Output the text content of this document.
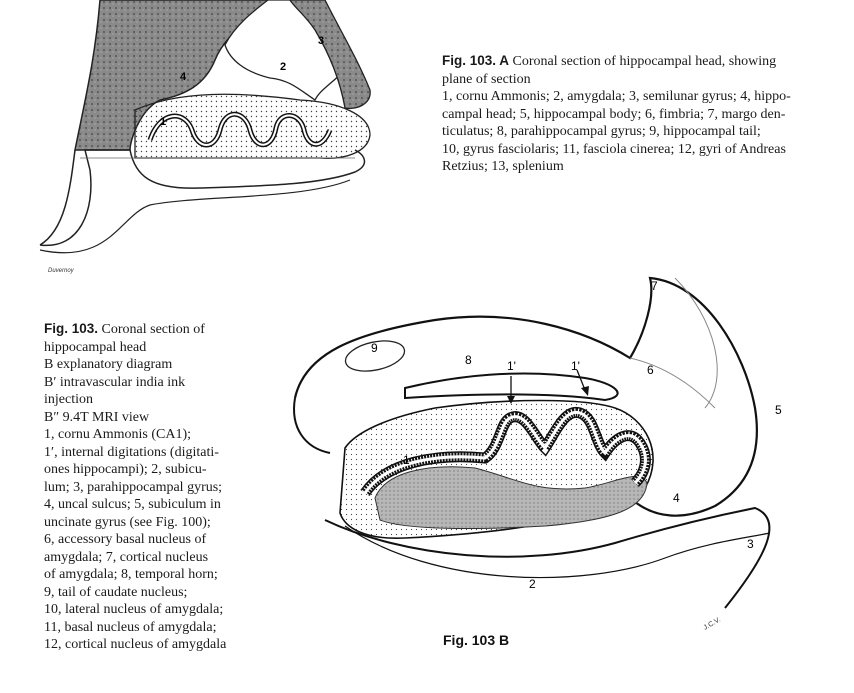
1
2
3
4
Duvernoy
Fig. 103. A Coronal section of hippocampal head, showing
plane of section
1, cornu Ammonis; 2, amygdala; 3, semilunar gyrus; 4, hippo-
campal head; 5, hippocampal body; 6, fimbria; 7, margo den-
ticulatus; 8, parahippocampal gyrus; 9, hippocampal tail;
10, gyrus fasciolaris; 11, fasciola cinerea; 12, gyri of Andreas
Retzius; 13, splenium
Fig. 103. Coronal section of
hippocampal head
B explanatory diagram
B′ intravascular india ink
injection
B″ 9.4T MRI view
1, cornu Ammonis (CA1);
1′, internal digitations (digitati-
ones hippocampi); 2, subicu-
lum; 3, parahippocampal gyrus;
4, uncal sulcus; 5, subiculum in
uncinate gyrus (see Fig. 100);
6, accessory basal nucleus of
amygdala; 7, cortical nucleus
of amygdala; 8, temporal horn;
9, tail of caudate nucleus;
10, lateral nucleus of amygdala;
11, basal nucleus of amygdala;
12, cortical nucleus of amygdala
1
1'	1'
2
3
4
5
6
7
8
9
J.C.V.
Fig. 103 B
